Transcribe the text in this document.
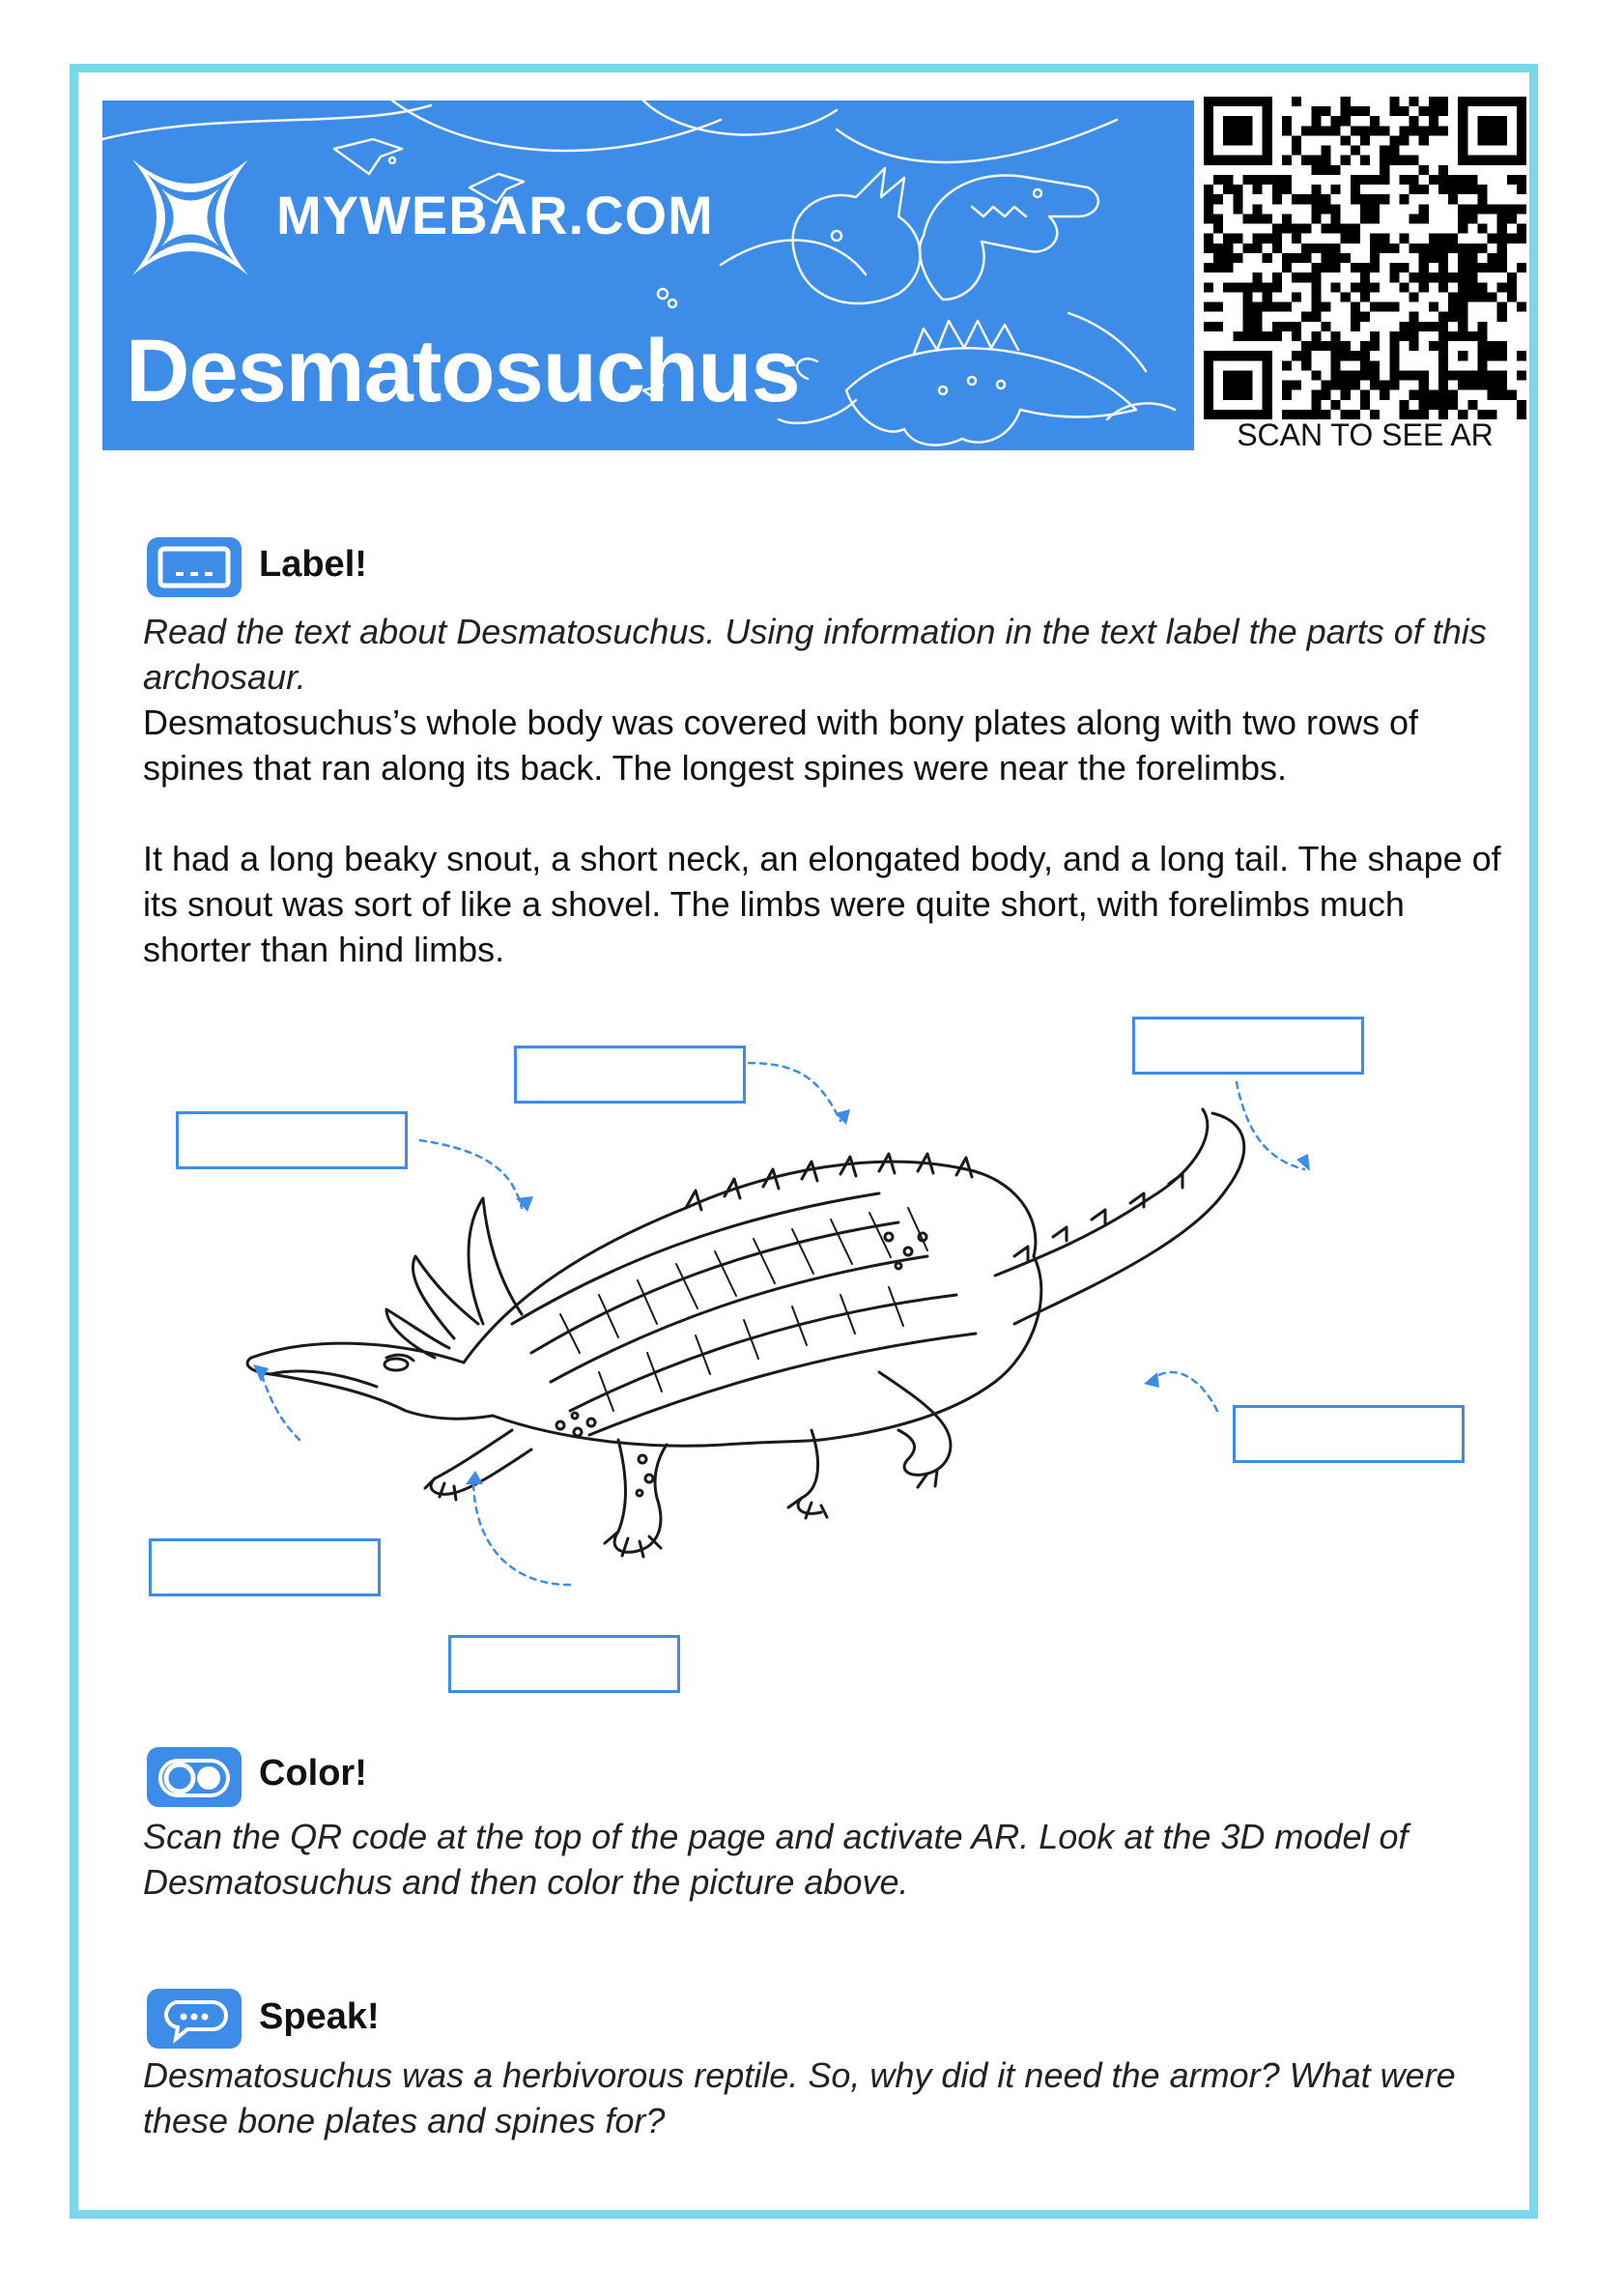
MYWEBAR.COM
Desmatosuchus
SCAN TO SEE AR
Label!
Read the text about Desmatosuchus. Using information in the text label the parts of this archosaur.
Desmatosuchus’s whole body was covered with bony plates along with two rows of spines that ran along its back. The longest spines were near the forelimbs.
It had a long beaky snout, a short neck, an elongated body, and a long tail. The shape of its snout was sort of like a shovel. The limbs were quite short, with forelimbs much shorter than hind limbs.
Color!
Scan the QR code at the top of the page and activate AR. Look at the 3D model of Desmatosuchus and then color the picture above.
Speak!
Desmatosuchus was a herbivorous reptile. So, why did it need the armor? What were these bone plates and spines for?
